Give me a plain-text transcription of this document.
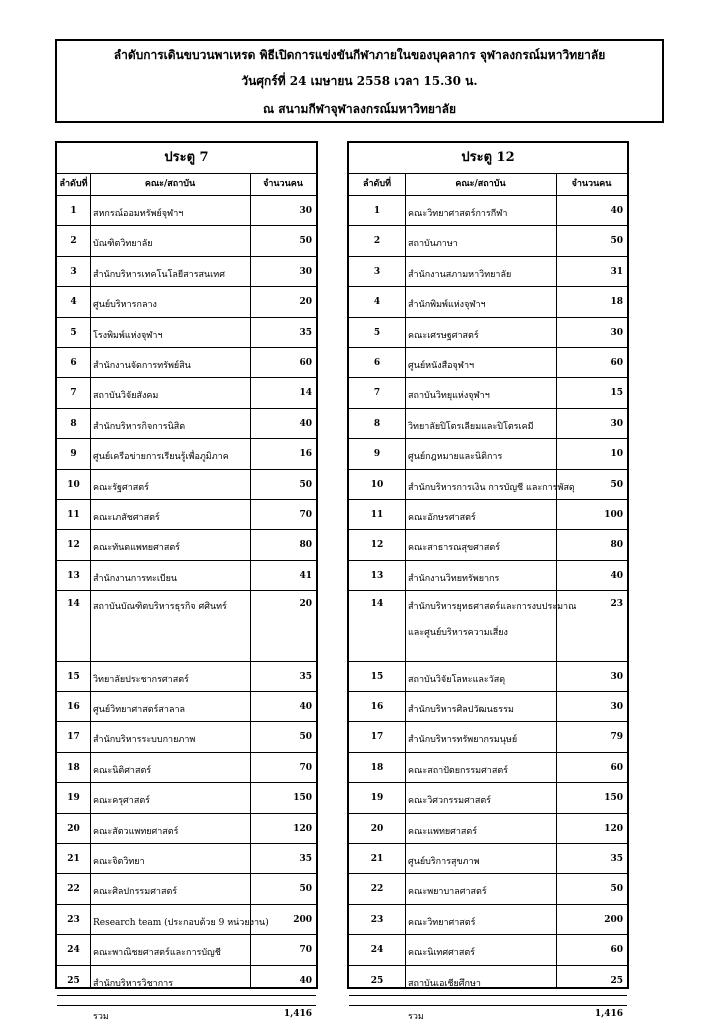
ลำดับการเดินขบวนพาเหรด พิธีเปิดการแข่งขันกีฬาภายในของบุคลากร จุฬาลงกรณ์มหาวิทยาลัย
วันศุกร์ที่ 24 เมษายน 2558 เวลา 15.30 น.
ณ สนามกีฬาจุฬาลงกรณ์มหาวิทยาลัย
ประตู 7
ลำดับที่	คณะ/สถาบัน	จำนวนคน
1	สหกรณ์ออมทรัพย์จุฬาฯ	30
2	บัณฑิตวิทยาลัย	50
3	สำนักบริหารเทคโนโลยีสารสนเทศ	30
4	ศูนย์บริหารกลาง	20
5	โรงพิมพ์แห่งจุฬาฯ	35
6	สำนักงานจัดการทรัพย์สิน	60
7	สถาบันวิจัยสังคม	14
8	สำนักบริหารกิจการนิสิต	40
9	ศูนย์เครือข่ายการเรียนรู้เพื่อภูมิภาค	16
10	คณะรัฐศาสตร์	50
11	คณะเภสัชศาสตร์	70
12	คณะทันตแพทยศาสตร์	80
13	สำนักงานการทะเบียน	41
14	สถาบันบัณฑิตบริหารธุรกิจ ศศินทร์	20
15	วิทยาลัยประชากรศาสตร์	35
16	ศูนย์วิทยาศาสตร์สาลาล	40
17	สำนักบริหารระบบกายภาพ	50
18	คณะนิติศาสตร์	70
19	คณะครุศาสตร์	150
20	คณะสัตวแพทยศาสตร์	120
21	คณะจิตวิทยา	35
22	คณะศิลปกรรมศาสตร์	50
23	Research team (ประกอบด้วย 9 หน่วยงาน)	200
24	คณะพาณิชยศาสตร์และการบัญชี	70
25	สำนักบริหารวิชาการ	40
รวม	1,416
ประตู 12
ลำดับที่	คณะ/สถาบัน	จำนวนคน
1	คณะวิทยาศาสตร์การกีฬา	40
2	สถาบันภาษา	50
3	สำนักงานสภามหาวิทยาลัย	31
4	สำนักพิมพ์แห่งจุฬาฯ	18
5	คณะเศรษฐศาสตร์	30
6	ศูนย์หนังสือจุฬาฯ	60
7	สถาบันวิทยุแห่งจุฬาฯ	15
8	วิทยาลัยปิโตรเลียมและปิโตรเคมี	30
9	ศูนย์กฎหมายและนิติการ	10
10	สำนักบริหารการเงิน การบัญชี และการพัสดุ	50
11	คณะอักษรศาสตร์	100
12	คณะสาธารณสุขศาสตร์	80
13	สำนักงานวิทยทรัพยากร	40
14	สำนักบริหารยุทธศาสตร์และการงบประมาณ	23
และศูนย์บริหารความเสี่ยง
15	สถาบันวิจัยโลหะและวัสดุ	30
16	สำนักบริหารศิลปวัฒนธรรม	30
17	สำนักบริหารทรัพยากรมนุษย์	79
18	คณะสถาปัตยกรรมศาสตร์	60
19	คณะวิศวกรรมศาสตร์	150
20	คณะแพทยศาสตร์	120
21	ศูนย์บริการสุขภาพ	35
22	คณะพยาบาลศาสตร์	50
23	คณะวิทยาศาสตร์	200
24	คณะนิเทศศาสตร์	60
25	สถาบันเอเชียศึกษา	25
รวม	1,416
